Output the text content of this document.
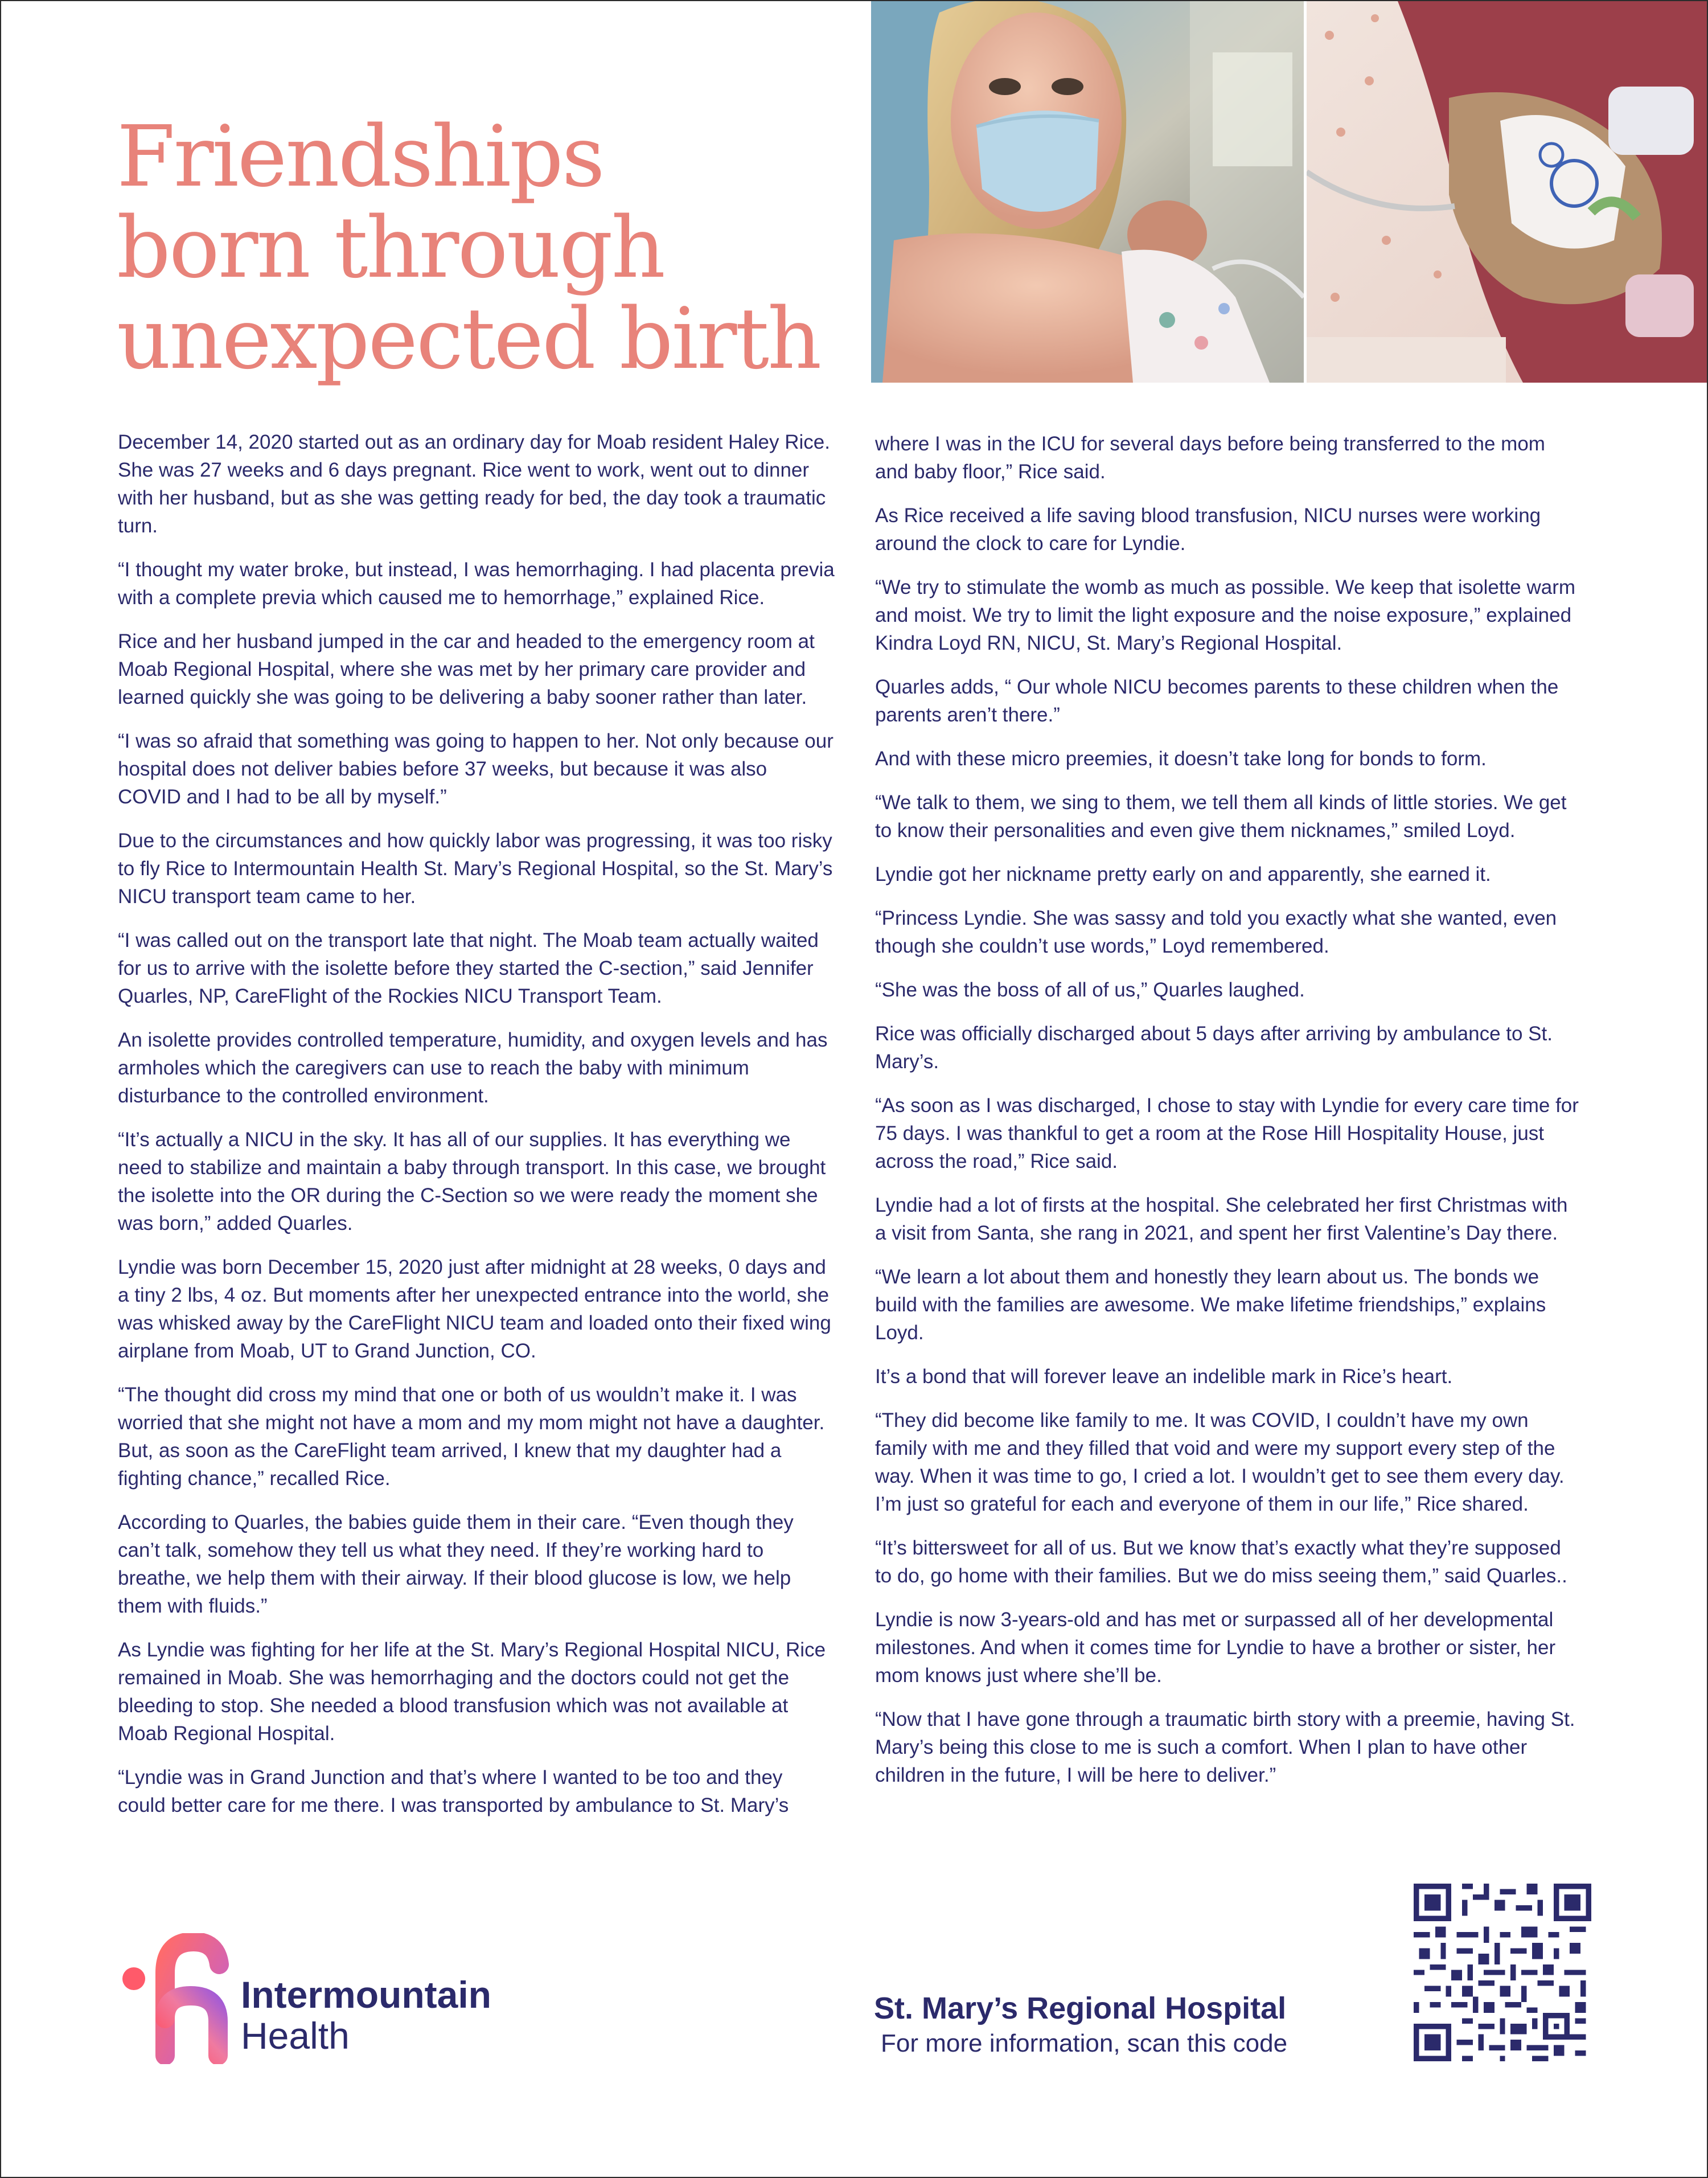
Friendships
born through
unexpected birth

December 14, 2020 started out as an ordinary day for Moab resident Haley Rice. She was 27 weeks and 6 days pregnant. Rice went to work, went out to dinner with her husband, but as she was getting ready for bed, the day took a traumatic turn.

“I thought my water broke, but instead, I was hemorrhaging. I had placenta previa with a complete previa which caused me to hemorrhage,” explained Rice.

Rice and her husband jumped in the car and headed to the emergency room at Moab Regional Hospital, where she was met by her primary care provider and learned quickly she was going to be delivering a baby sooner rather than later.

“I was so afraid that something was going to happen to her. Not only because our hospital does not deliver babies before 37 weeks, but because it was also COVID and I had to be all by myself.”

Due to the circumstances and how quickly labor was progressing, it was too risky to fly Rice to Intermountain Health St. Mary’s Regional Hospital, so the St. Mary’s NICU transport team came to her.

“I was called out on the transport late that night. The Moab team actually waited for us to arrive with the isolette before they started the C-section,” said Jennifer Quarles, NP, CareFlight of the Rockies NICU Transport Team.

An isolette provides controlled temperature, humidity, and oxygen levels and has armholes which the caregivers can use to reach the baby with minimum disturbance to the controlled environment.

“It’s actually a NICU in the sky. It has all of our supplies. It has everything we need to stabilize and maintain a baby through transport. In this case, we brought the isolette into the OR during the C-Section so we were ready the moment she was born,” added Quarles.

Lyndie was born December 15, 2020 just after midnight at 28 weeks, 0 days and a tiny 2 lbs, 4 oz. But moments after her unexpected entrance into the world, she was whisked away by the CareFlight NICU team and loaded onto their fixed wing airplane from Moab, UT to Grand Junction, CO.

“The thought did cross my mind that one or both of us wouldn’t make it. I was worried that she might not have a mom and my mom might not have a daughter. But, as soon as the CareFlight team arrived, I knew that my daughter had a fighting chance,” recalled Rice.

According to Quarles, the babies guide them in their care. “Even though they can’t talk, somehow they tell us what they need. If they’re working hard to breathe, we help them with their airway. If their blood glucose is low, we help them with fluids.”

As Lyndie was fighting for her life at the St. Mary’s Regional Hospital NICU, Rice remained in Moab. She was hemorrhaging and the doctors could not get the bleeding to stop. She needed a blood transfusion which was not available at Moab Regional Hospital.

“Lyndie was in Grand Junction and that’s where I wanted to be too and they could better care for me there. I was transported by ambulance to St. Mary’s

where I was in the ICU for several days before being transferred to the mom and baby floor,” Rice said.

As Rice received a life saving blood transfusion, NICU nurses were working around the clock to care for Lyndie.

“We try to stimulate the womb as much as possible. We keep that isolette warm and moist. We try to limit the light exposure and the noise exposure,” explained Kindra Loyd RN, NICU, St. Mary’s Regional Hospital.

Quarles adds, “ Our whole NICU becomes parents to these children when the parents aren’t there.”

And with these micro preemies, it doesn’t take long for bonds to form.

“We talk to them, we sing to them, we tell them all kinds of little stories. We get to know their personalities and even give them nicknames,” smiled Loyd.

Lyndie got her nickname pretty early on and apparently, she earned it.

“Princess Lyndie. She was sassy and told you exactly what she wanted, even though she couldn’t use words,” Loyd remembered.

“She was the boss of all of us,” Quarles laughed.

Rice was officially discharged about 5 days after arriving by ambulance to St. Mary’s.

“As soon as I was discharged, I chose to stay with Lyndie for every care time for 75 days. I was thankful to get a room at the Rose Hill Hospitality House, just across the road,” Rice said.

Lyndie had a lot of firsts at the hospital. She celebrated her first Christmas with a visit from Santa, she rang in 2021, and spent her first Valentine’s Day there.

“We learn a lot about them and honestly they learn about us. The bonds we build with the families are awesome. We make lifetime friendships,” explains Loyd.

It’s a bond that will forever leave an indelible mark in Rice’s heart.

“They did become like family to me. It was COVID, I couldn’t have my own family with me and they filled that void and were my support every step of the way. When it was time to go, I cried a lot. I wouldn’t get to see them every day. I’m just so grateful for each and everyone of them in our life,” Rice shared.

“It’s bittersweet for all of us. But we know that’s exactly what they’re supposed to do, go home with their families. But we do miss seeing them,” said Quarles..

Lyndie is now 3-years-old and has met or surpassed all of her developmental milestones. And when it comes time for Lyndie to have a brother or sister, her mom knows just where she’ll be.

“Now that I have gone through a traumatic birth story with a preemie, having St. Mary’s being this close to me is such a comfort. When I plan to have other children in the future, I will be here to deliver.”

Intermountain
Health
St. Mary’s Regional Hospital
For more information, scan this code
